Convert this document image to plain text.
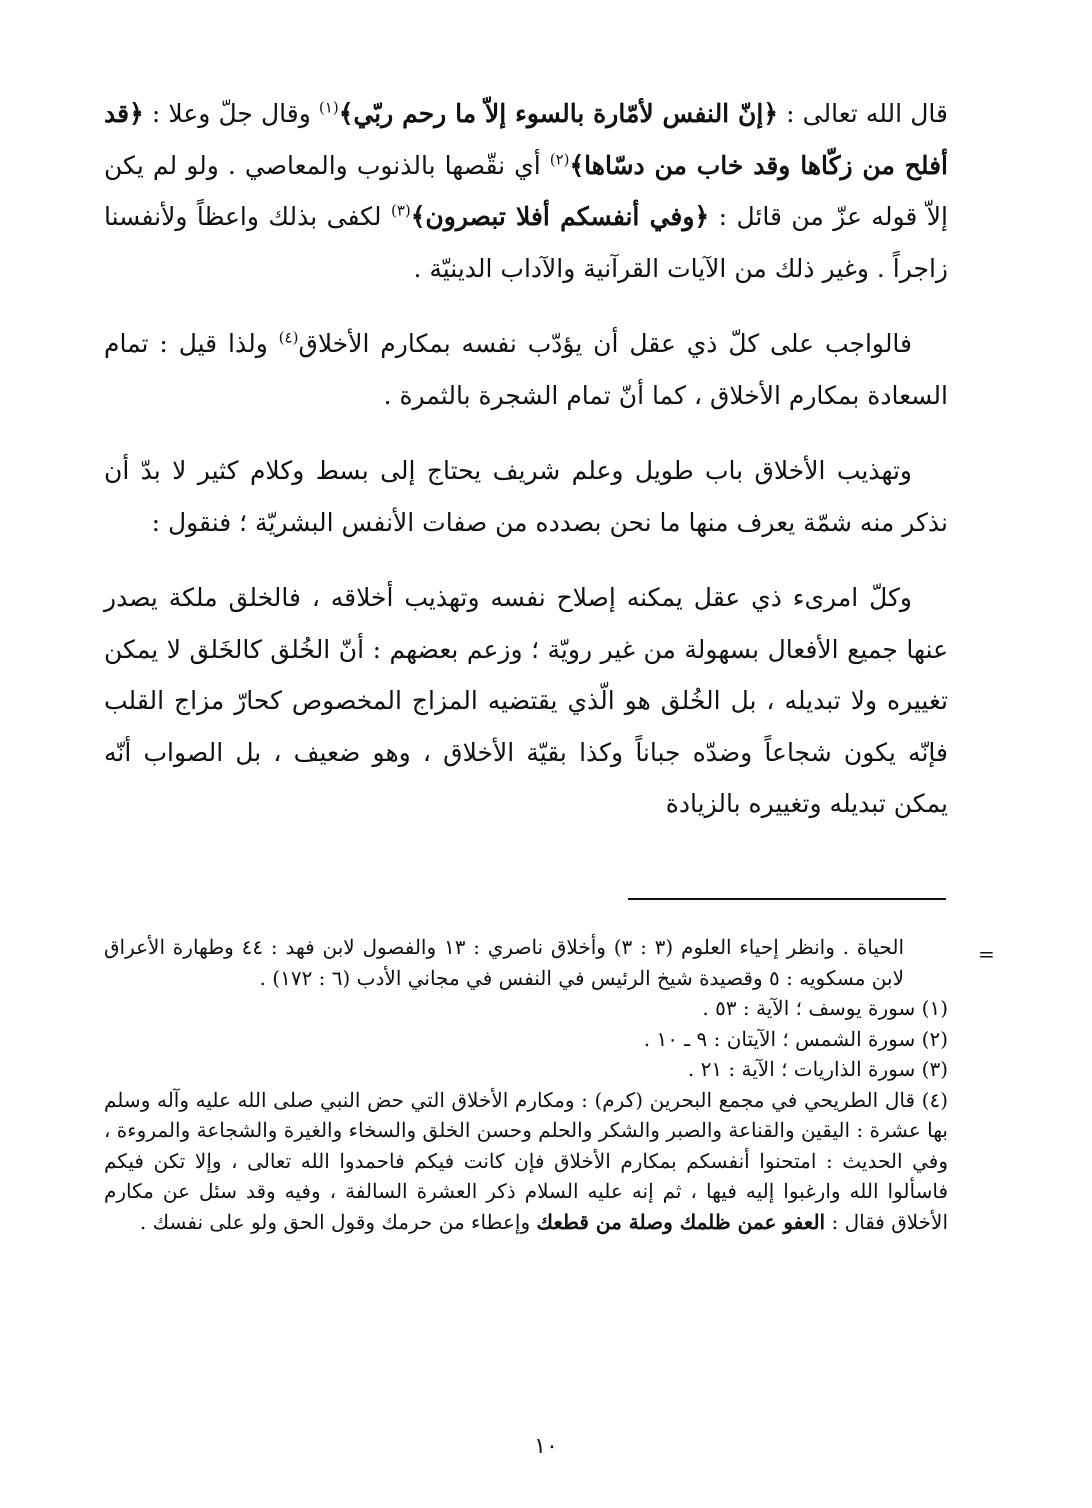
قال الله تعالى : ﴿إنّ النفس لأمّارة بالسوء إلاّ ما رحم ربّي﴾$^{(١)}$ وقال جلّ وعلا : ﴿قد أفلح من زكّاها وقد خاب من دسّاها﴾$^{(٢)}$ أي نقّصها بالذنوب والمعاصي . ولو لم يكن إلاّ قوله عزّ من قائل : ﴿وفي أنفسكم أفلا تبصرون﴾$^{(٣)}$ لكفى بذلك واعظاً ولأنفسنا زاجراً . وغير ذلك من الآيات القرآنية والآداب الدينيّة .

فالواجب على كلّ ذي عقل أن يؤدّب نفسه بمكارم الأخلاق$^{(٤)}$ ولذا قيل : تمام السعادة بمكارم الأخلاق ، كما أنّ تمام الشجرة بالثمرة .

وتهذيب الأخلاق باب طويل وعلم شريف يحتاج إلى بسط وكلام كثير لا بدّ أن نذكر منه شمّة يعرف منها ما نحن بصدده من صفات الأنفس البشريّة ؛ فنقول :

وكلّ امرىء ذي عقل يمكنه إصلاح نفسه وتهذيب أخلاقه ، فالخلق ملكة يصدر عنها جميع الأفعال بسهولة من غير رويّة ؛ وزعم بعضهم : أنّ الخُلق كالخَلق لا يمكن تغييره ولا تبديله ، بل الخُلق هو الّذي يقتضيه المزاج المخصوص كحارّ مزاج القلب فإنّه يكون شجاعاً وضدّه جباناً وكذا بقيّة الأخلاق ، وهو ضعيف ، بل الصواب أنّه يمكن تبديله وتغييره بالزيادة

=

الحياة . وانظر إحياء العلوم (٣ : ٣) وأخلاق ناصري : ١٣ والفصول لابن فهد : ٤٤ وطهارة الأعراق لابن مسكويه : ٥ وقصيدة شيخ الرئيس في النفس في مجاني الأدب (٦ : ١٧٢) .

(١) سورة يوسف ؛ الآية : ٥٣ .

(٢) سورة الشمس ؛ الآيتان : ٩ ـ ١٠ .

(٣) سورة الذاريات ؛ الآية : ٢١ .

(٤) قال الطريحي في مجمع البحرين (كرم) : ومكارم الأخلاق التي حض النبي صلى الله عليه وآله وسلم بها عشرة : اليقين والقناعة والصبر والشكر والحلم وحسن الخلق والسخاء والغيرة والشجاعة والمروءة ، وفي الحديث : امتحنوا أنفسكم بمكارم الأخلاق فإن كانت فيكم فاحمدوا الله تعالى ، وإلا تكن فيكم فاسألوا الله وارغبوا إليه فيها ، ثم إنه عليه السلام ذكر العشرة السالفة ، وفيه وقد سئل عن مكارم الأخلاق فقال : العفو عمن ظلمك وصلة من قطعك وإعطاء من حرمك وقول الحق ولو على نفسك .

١٠
